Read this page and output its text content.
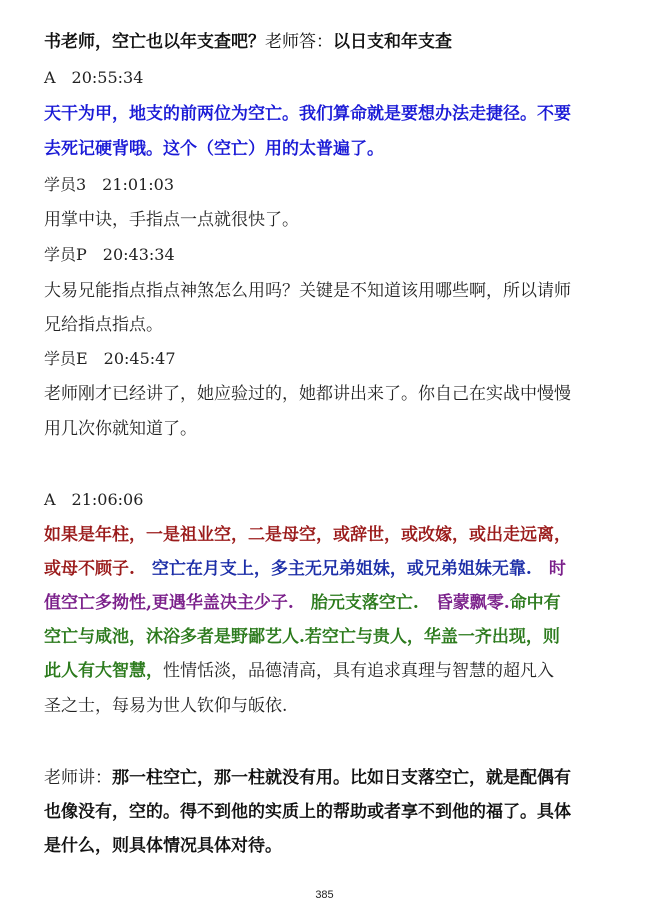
书老师，空亡也以年支查吧？老师答：以日支和年支查
A　20:55:34
天干为甲，地支的前两位为空亡。我们算命就是要想办法走捷径。不要
去死记硬背哦。这个（空亡）用的太普遍了。
学员3　21:01:03
用掌中诀，手指点一点就很快了。
学员P　20:43:34
大易兄能指点指点神煞怎么用吗？关键是不知道该用哪些啊，所以请师
兄给指点指点。
学员E　20:45:47
老师刚才已经讲了，她应验过的，她都讲出来了。你自己在实战中慢慢
用几次你就知道了。
A　21:06:06
如果是年柱，一是祖业空，二是母空，或辞世，或改嫁，或出走远离，
或母不顾子.　 空亡在月支上，多主无兄弟姐妹，或兄弟姐妹无靠.　 时
值空亡多拗性,更遇华盖决主少子.　 胎元支落空亡.　 昏蒙飘零.命中有
空亡与咸池，沐浴多者是野鄙艺人.若空亡与贵人，华盖一齐出现，则
此人有大智慧，性情恬淡，品德清高，具有追求真理与智慧的超凡入
圣之士，每易为世人钦仰与皈依.
老师讲：那一柱空亡，那一柱就没有用。比如日支落空亡，就是配偶有
也像没有，空的。得不到他的实质上的帮助或者享不到他的福了。具体
是什么，则具体情况具体对待。
385
